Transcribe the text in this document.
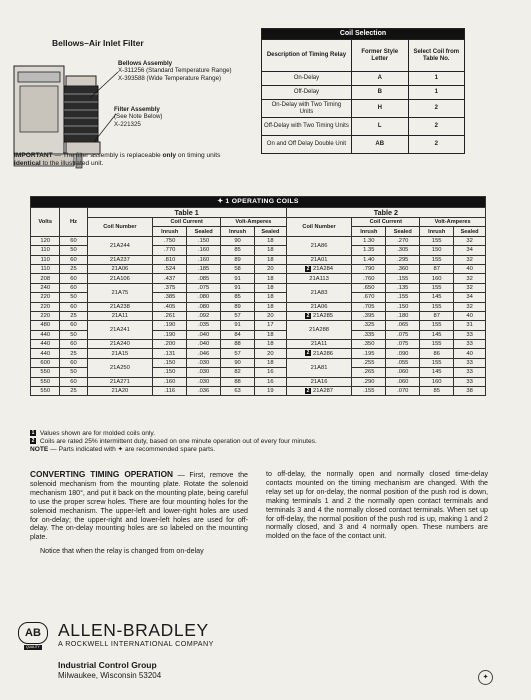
Bellows–Air Inlet Filter
Bellows Assembly
X-311256 (Standard Temperature Range)
X-393588 (Wide Temperature Range)
Filter Assembly
(See Note Below)
X-221325
IMPORTANT — The filter assembly is replaceable only on timing units identical to the illustrated unit.
Coil Selection		
Description of Timing Relay	Former Style Letter	Select Coil from Table No.
On-Delay	A	1
Off-Delay	B	1
On-Delay with Two Timing Units	H	2
Off-Delay with Two Timing Units	L	2
On and Off Delay Double Unit	AB	2
✦ 1 OPERATING COILS											
Volts	Hz	Table 1					Table 2				
		Coil Number	Coil Current		Volt-Amperes		Coil Number	Coil Current		Volt-Amperes	
			Inrush	Sealed	Inrush	Sealed		Inrush	Sealed	Inrush	Sealed
120	60	21A244	.750	.150	90	18	21A86	1.30	.270	155	32
110	50		.770	.160	85	18		1.35	.305	150	34
110	60	21A237	.810	.160	89	18	21A01	1.40	.295	155	32
110	25	21A06	.524	.185	58	20	2 21A284	.790	.360	87	40
208	60	21A106	.437	.085	91	18	21A113	.760	.155	160	32
240	60	21A75	.375	.075	91	18	21A83	.650	.135	155	32
220	50		.385	.080	85	18		.670	.155	145	34
220	60	21A238	.405	.080	89	18	21A06	.705	.150	155	32
220	25	21A11	.261	.092	57	20	2 21A285	.395	.180	87	40
480	60	21A241	.190	.035	91	17	21A288	.325	.065	155	31
440	50		.190	.040	84	18		.335	.075	145	33
440	60	21A240	.200	.040	88	18	21A11	.350	.075	155	33
440	25	21A15	.131	.046	57	20	2 21A286	.195	.090	86	40
600	60	21A250	.150	.030	90	18	21A81	.255	.055	155	33
550	50		.150	.030	82	16		.265	.060	145	33
550	60	21A271	.160	.030	88	16	21A16	.290	.060	160	33
550	25	21A20	.116	.036	63	19	2 21A287	.155	.070	85	38
1 Values shown are for molded coils only.
2 Coils are rated 25% intermittent duty, based on one minute operation out of every four minutes.
NOTE — Parts indicated with ✦ are recommended spare parts.

CONVERTING TIMING OPERATION — First, remove the solenoid mechanism from the mounting plate. Rotate the solenoid mechanism 180°, and put it back on the mounting plate, being careful to use the proper screw holes. There are four mounting holes for the solenoid mechanism. The upper-left and lower-right holes are used for on-delay; the upper-right and lower-left holes are used for off-delay. The on-delay mounting holes are so labeled on the mounting plate.

Notice that when the relay is changed from on-delay

to off-delay, the normally open and normally closed time-delay contacts mounted on the timing mechanism are changed. With the relay set up for on-delay, the normal position of the push rod is down, making terminals 1 and 2 the normally open contact terminals and terminals 3 and 4 the normally closed contact terminals. When set up for off-delay, the normal position of the push rod is up, making 1 and 2 normally closed, and 3 and 4 normally open. These numbers are molded on the face of the contact unit.

AB
QUALITY
ALLEN-BRADLEY
A ROCKWELL INTERNATIONAL COMPANY
Industrial Control Group
Milwaukee, Wisconsin 53204	✦
